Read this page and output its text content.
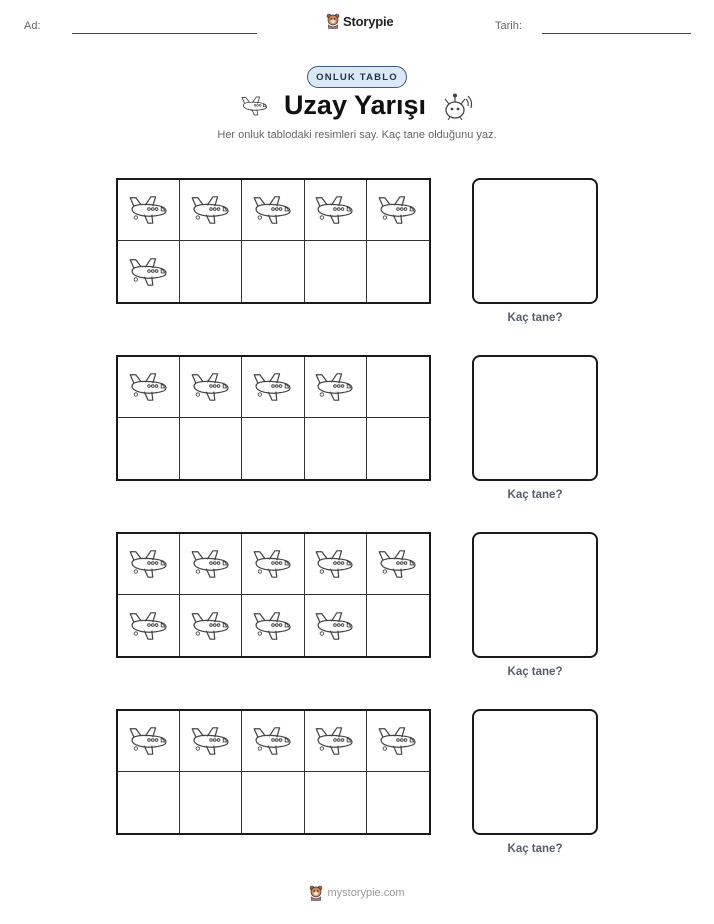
Ad:	Storypie	Tarih:
ONLUK TABLO
Uzay Yarışı
Her onluk tablodaki resimleri say. Kaç tane olduğunu yaz.
Kaç tane?
Kaç tane?
Kaç tane?
Kaç tane?
mystorypie.com
